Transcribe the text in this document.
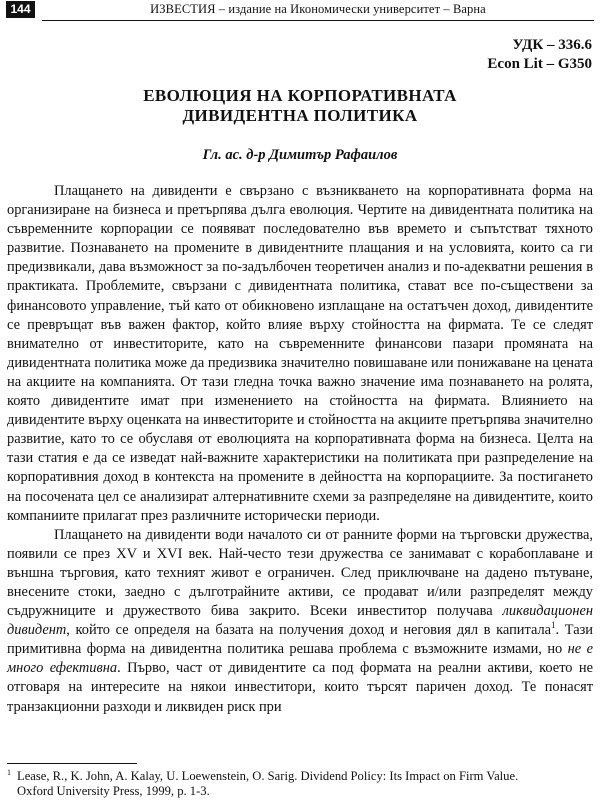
144	ИЗВЕСТИЯ – издание на Икономически университет – Варна
УДК – 336.6
Econ Lit – G350
ЕВОЛЮЦИЯ НА КОРПОРАТИВНАТА
ДИВИДЕНТНА ПОЛИТИКА
Гл. ас. д-р Димитър Рафаилов

Плащането на дивиденти е свързано с възникването на корпоративната форма на организиране на бизнеса и претърпява дълга еволюция. Чертите на дивидентната политика на съвременните корпорации се появяват последователно във времето и съпътстват тяхното развитие. Познаването на промените в дивидентните плащания и на условията, които са ги предизвикали, дава възможност за по-задълбочен теоретичен анализ и по-адекватни решения в практиката. Проблемите, свързани с дивидентната политика, стават все по-съществени за финансовото управление, тъй като от обикновено изплащане на остатъчен доход, дивидентите се превръщат във важен фактор, който влияе върху стойността на фирмата. Те се следят внимателно от инвеститорите, като на съвременните финансови пазари промяната на дивидентната политика може да предизвика значително повишаване или понижаване на цената на акциите на компанията. От тази гледна точка важно значение има познаването на ролята, която дивидентите имат при изменението на стойността на фирмата. Влиянието на дивидентите върху оценката на инвеститорите и стойността на акциите претърпява значително развитие, като то се обуславя от еволюцията на корпоративната форма на бизнеса. Целта на тази статия е да се изведат най-важните характеристики на политиката при разпределение на корпоративния доход в контекста на промените в дейността на корпорациите. За постигането на посочената цел се анализират алтернативните схеми за разпределяне на дивидентите, които компаниите прилагат през различните исторически периоди.

Плащането на дивиденти води началото си от ранните форми на търговски дружества, появили се през XV и XVI век. Най-често тези дружества се занимават с корабоплаване и външна търговия, като техният живот е ограничен. След приключване на дадено пътуване, внесените стоки, заедно с дълготрайните активи, се продават и/или разпределят между съдружниците и дружеството бива закрито. Всеки инвеститор получава ликвидационен дивидент, който се определя на базата на получения доход и неговия дял в капитала$^1$. Тази примитивна форма на дивидентна политика решава проблема с възможните измами, но не е много ефективна. Първо, част от дивидентите са под формата на реални активи, което не отговаря на интересите на някои инвеститори, които търсят паричен доход. Те понасят транзакционни разходи и ликвиден риск при

$^1$ Lease, R., K. John, A. Kalay, U. Loewenstein, O. Sarig. Dividend Policy: Its Impact on Firm Value.
Oxford University Press, 1999, p. 1-3.
